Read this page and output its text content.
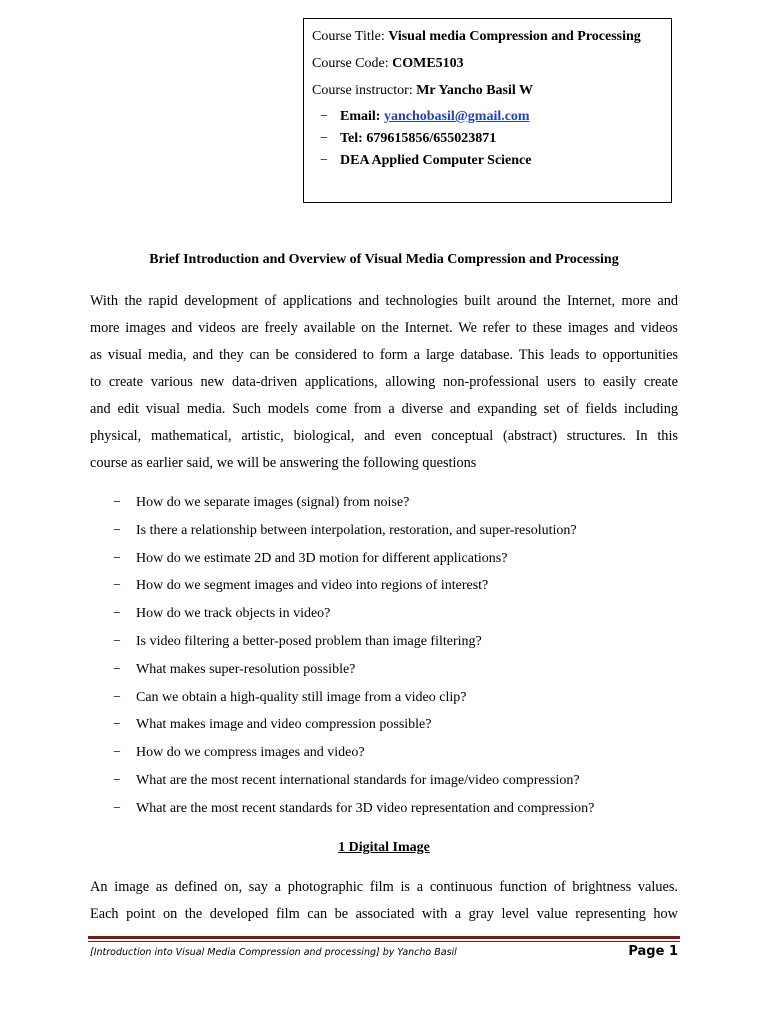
Course Title: Visual media Compression and Processing
Course Code: COME5103
Course instructor: Mr Yancho Basil W
− Email: yanchobasil@gmail.com
− Tel: 679615856/655023871
− DEA Applied Computer Science
Brief Introduction and Overview of Visual Media Compression and Processing
With the rapid development of applications and technologies built around the Internet, more and
more images and videos are freely available on the Internet. We refer to these images and videos
as visual media, and they can be considered to form a large database. This leads to opportunities
to create various new data-driven applications, allowing non-professional users to easily create
and edit visual media. Such models come from a diverse and expanding set of fields including
physical, mathematical, artistic, biological, and even conceptual (abstract) structures. In this
course as earlier said, we will be answering the following questions
− How do we separate images (signal) from noise?
− Is there a relationship between interpolation, restoration, and super-resolution?
− How do we estimate 2D and 3D motion for different applications?
− How do we segment images and video into regions of interest?
− How do we track objects in video?
− Is video filtering a better-posed problem than image filtering?
− What makes super-resolution possible?
− Can we obtain a high-quality still image from a video clip?
− What makes image and video compression possible?
− How do we compress images and video?
− What are the most recent international standards for image/video compression?
− What are the most recent standards for 3D video representation and compression?
1 Digital Image
An image as defined on, say a photographic film is a continuous function of brightness values.
Each point on the developed film can be associated with a gray level value representing how
[Introduction into Visual Media Compression and processing] by Yancho Basil	Page 1
